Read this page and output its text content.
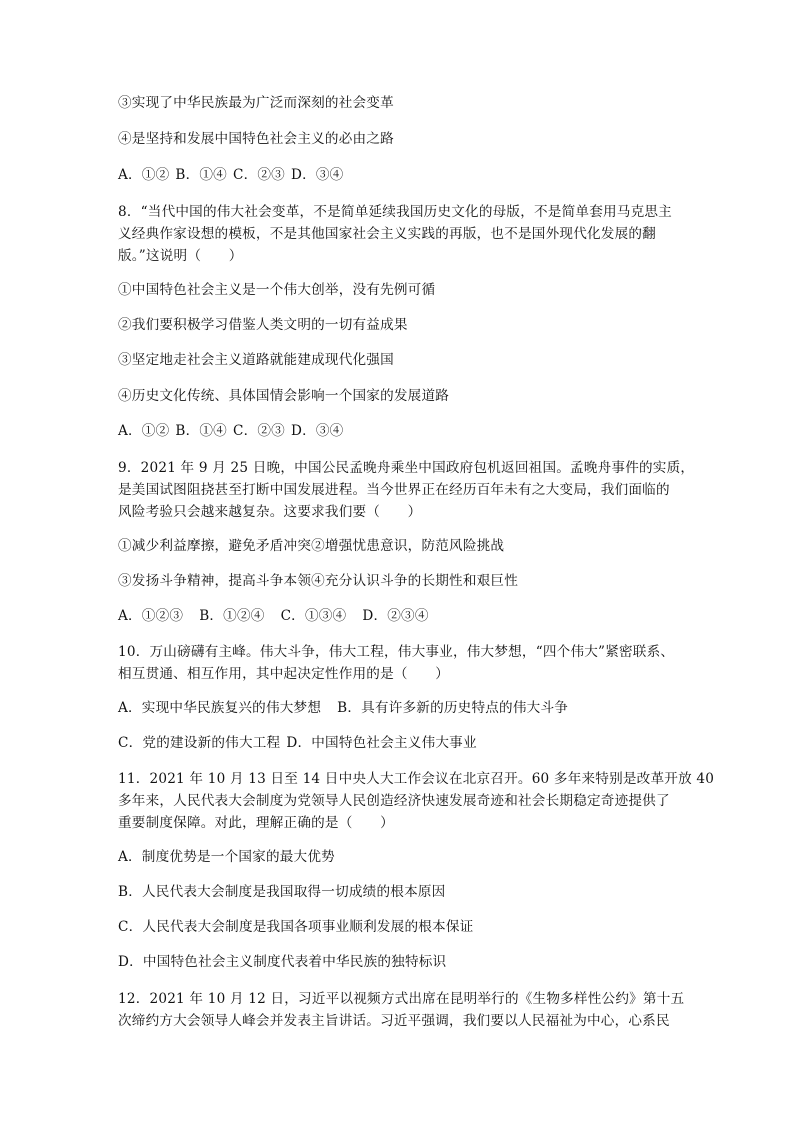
③实现了中华民族最为广泛而深刻的社会变革
④是坚持和发展中国特色社会主义的必由之路
A．①② B．①④ C．②③ D．③④
8．“当代中国的伟大社会变革，不是简单延续我国历史文化的母版，不是简单套用马克思主
义经典作家设想的模板，不是其他国家社会主义实践的再版，也不是国外现代化发展的翻
版。”这说明（　　）
①中国特色社会主义是一个伟大创举，没有先例可循
②我们要积极学习借鉴人类文明的一切有益成果
③坚定地走社会主义道路就能建成现代化强国
④历史文化传统、具体国情会影响一个国家的发展道路
A．①② B．①④ C．②③ D．③④
9．2021 年 9 月 25 日晚，中国公民孟晚舟乘坐中国政府包机返回祖国。孟晚舟事件的实质，
是美国试图阻挠甚至打断中国发展进程。当今世界正在经历百年未有之大变局，我们面临的
风险考验只会越来越复杂。这要求我们要（　　）
①减少利益摩擦，避免矛盾冲突②增强忧患意识，防范风险挑战
③发扬斗争精神，提高斗争本领④充分认识斗争的长期性和艰巨性
A．①②③ B．①②④ C．①③④ D．②③④
10．万山磅礴有主峰。伟大斗争，伟大工程，伟大事业，伟大梦想，“四个伟大”紧密联系、
相互贯通、相互作用，其中起决定性作用的是（　　）
A．实现中华民族复兴的伟大梦想 B．具有许多新的历史特点的伟大斗争
C．党的建设新的伟大工程 D．中国特色社会主义伟大事业
11．2021 年 10 月 13 日至 14 日中央人大工作会议在北京召开。60 多年来特别是改革开放 40
多年来，人民代表大会制度为党领导人民创造经济快速发展奇迹和社会长期稳定奇迹提供了
重要制度保障。对此，理解正确的是（　　）
A．制度优势是一个国家的最大优势
B．人民代表大会制度是我国取得一切成绩的根本原因
C．人民代表大会制度是我国各项事业顺利发展的根本保证
D．中国特色社会主义制度代表着中华民族的独特标识
12．2021 年 10 月 12 日，习近平以视频方式出席在昆明举行的《生物多样性公约》第十五
次缔约方大会领导人峰会并发表主旨讲话。习近平强调，我们要以人民福祉为中心，心系民
